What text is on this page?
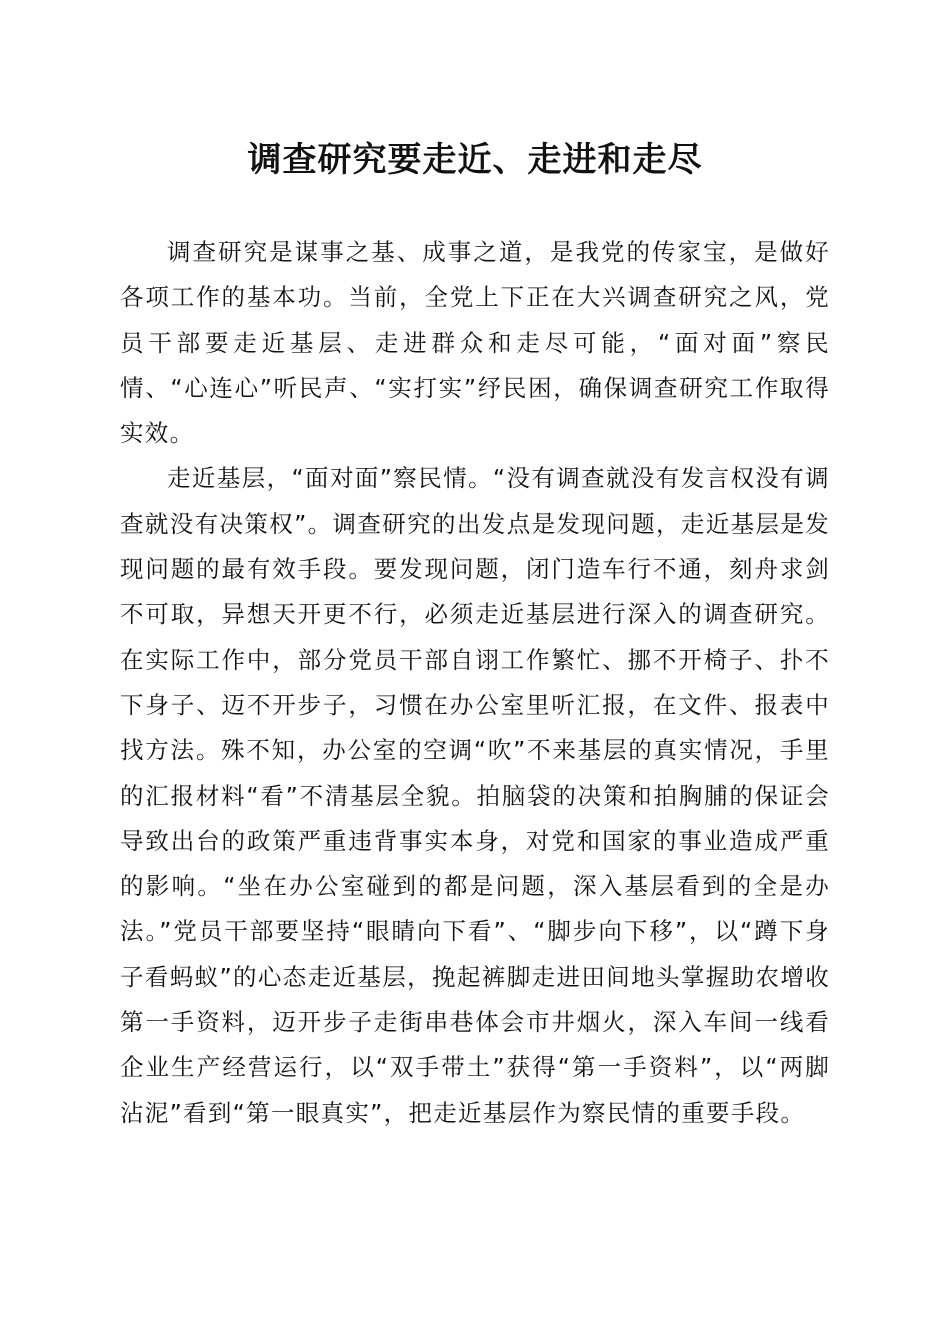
调查研究要走近、走进和走尽

调查研究是谋事之基、成事之道，是我党的传家宝，是做好各项工作的基本功。当前，全党上下正在大兴调查研究之风，党员干部要走近基层、走进群众和走尽可能，“面对面”察民情、“心连心”听民声、“实打实”纾民困，确保调查研究工作取得实效。

走近基层，“面对面”察民情。“没有调查就没有发言权没有调查就没有决策权”。调查研究的出发点是发现问题，走近基层是发现问题的最有效手段。要发现问题，闭门造车行不通，刻舟求剑不可取，异想天开更不行，必须走近基层进行深入的调查研究。在实际工作中，部分党员干部自诩工作繁忙、挪不开椅子、扑不下身子、迈不开步子，习惯在办公室里听汇报，在文件、报表中找方法。殊不知，办公室的空调“吹”不来基层的真实情况，手里的汇报材料“看”不清基层全貌。拍脑袋的决策和拍胸脯的保证会导致出台的政策严重违背事实本身，对党和国家的事业造成严重的影响。“坐在办公室碰到的都是问题，深入基层看到的全是办法。”党员干部要坚持“眼睛向下看”、“脚步向下移”，以“蹲下身子看蚂蚁”的心态走近基层，挽起裤脚走进田间地头掌握助农增收第一手资料，迈开步子走街串巷体会市井烟火，深入车间一线看企业生产经营运行，以“双手带土”获得“第一手资料”，以“两脚沾泥”看到“第一眼真实”，把走近基层作为察民情的重要手段。
